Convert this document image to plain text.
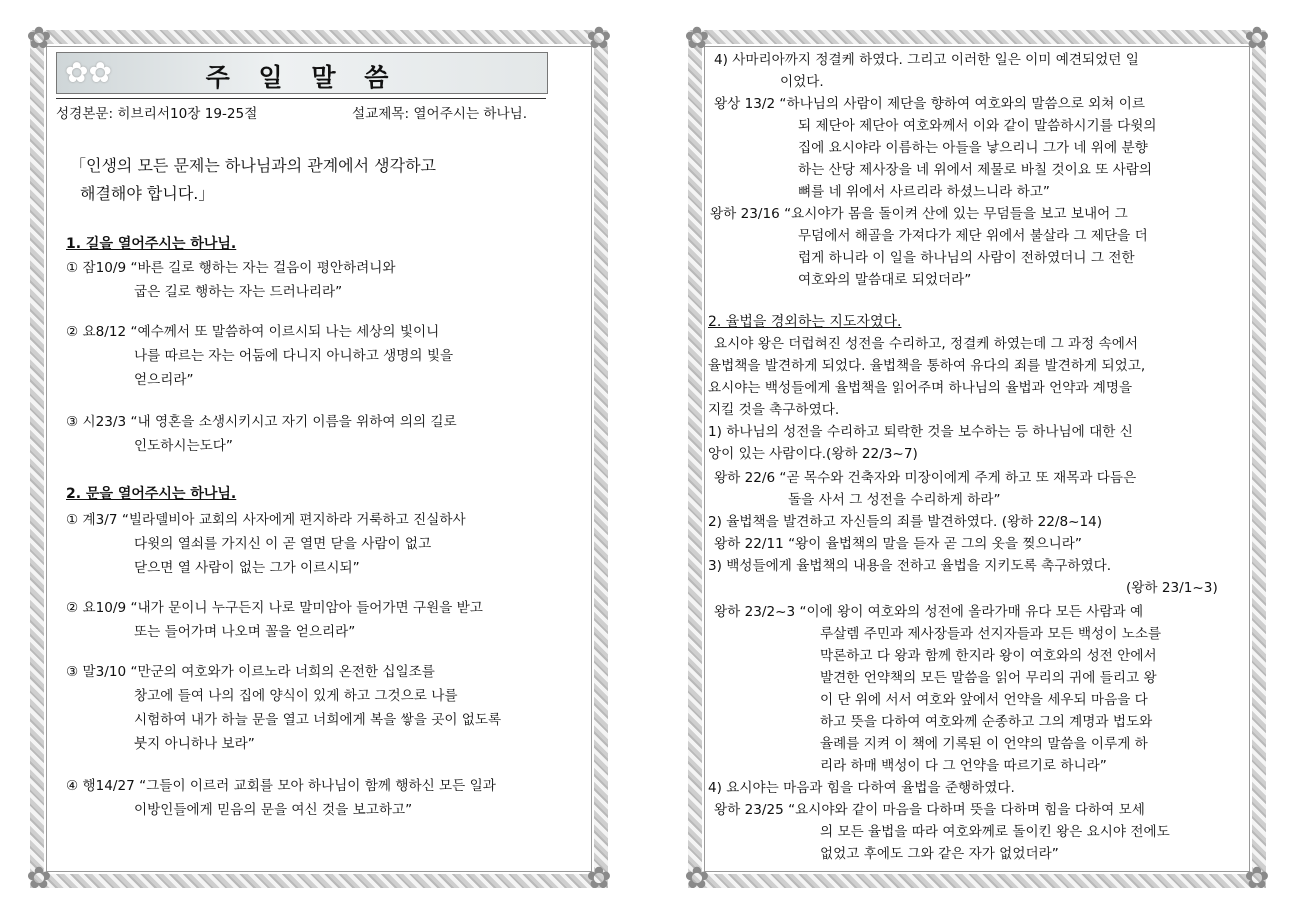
✿	✿
✿	✿
✿✿	주 일 말 씀
성경본문: 히브리서10장 19-25절	설교제목: 열어주시는 하나님.
「인생의 모든 문제는 하나님과의 관계에서 생각하고
해결해야 합니다.」
1. 길을 열어주시는 하나님.
① 잠10/9 “바른 길로 행하는 자는 걸음이 평안하려니와
굽은 길로 행하는 자는 드러나리라”
② 요8/12 “예수께서 또 말씀하여 이르시되 나는 세상의 빛이니
나를 따르는 자는 어둠에 다니지 아니하고 생명의 빛을
얻으리라”
③ 시23/3 “내 영혼을 소생시키시고 자기 이름을 위하여 의의 길로
인도하시는도다”
2. 문을 열어주시는 하나님.
① 계3/7 “빌라델비아 교회의 사자에게 편지하라 거룩하고 진실하사
다윗의 열쇠를 가지신 이 곧 열면 닫을 사람이 없고
닫으면 열 사람이 없는 그가 이르시되”
② 요10/9 “내가 문이니 누구든지 나로 말미암아 들어가면 구원을 받고
또는 들어가며 나오며 꼴을 얻으리라”
③ 말3/10 “만군의 여호와가 이르노라 너희의 온전한 십일조를
창고에 들여 나의 집에 양식이 있게 하고 그것으로 나를
시험하여 내가 하늘 문을 열고 너희에게 복을 쌓을 곳이 없도록
붓지 아니하나 보라”
④ 행14/27 “그들이 이르러 교회를 모아 하나님이 함께 행하신 모든 일과
이방인들에게 믿음의 문을 여신 것을 보고하고”
✿	✿
✿	✿
4) 사마리아까지 정결케 하였다. 그리고 이러한 일은 이미 예견되었던 일
이었다.
왕상 13/2 “하나님의 사람이 제단을 향하여 여호와의 말씀으로 외쳐 이르
되 제단아 제단아 여호와께서 이와 같이 말씀하시기를 다윗의
집에 요시야라 이름하는 아들을 낳으리니 그가 네 위에 분향
하는 산당 제사장을 네 위에서 제물로 바칠 것이요 또 사람의
뼈를 네 위에서 사르리라 하셨느니라 하고”
왕하 23/16 “요시야가 몸을 돌이켜 산에 있는 무덤들을 보고 보내어 그
무덤에서 해골을 가져다가 제단 위에서 불살라 그 제단을 더
럽게 하니라 이 일을 하나님의 사람이 전하였더니 그 전한
여호와의 말씀대로 되었더라”
2. 율법을 경외하는 지도자였다.
요시야 왕은 더럽혀진 성전을 수리하고, 정결케 하였는데 그 과정 속에서
율법책을 발견하게 되었다. 율법책을 통하여 유다의 죄를 발견하게 되었고,
요시야는 백성들에게 율법책을 읽어주며 하나님의 율법과 언약과 계명을
지킬 것을 촉구하였다.
1) 하나님의 성전을 수리하고 퇴락한 것을 보수하는 등 하나님에 대한 신
앙이 있는 사람이다.(왕하 22/3~7)
왕하 22/6 “곧 목수와 건축자와 미장이에게 주게 하고 또 재목과 다듬은
돌을 사서 그 성전을 수리하게 하라”
2) 율법책을 발견하고 자신들의 죄를 발견하였다. (왕하 22/8~14)
왕하 22/11 “왕이 율법책의 말을 듣자 곧 그의 옷을 찢으니라”
3) 백성들에게 율법책의 내용을 전하고 율법을 지키도록 촉구하였다.
(왕하 23/1~3)
왕하 23/2~3 “이에 왕이 여호와의 성전에 올라가매 유다 모든 사람과 예
루살렘 주민과 제사장들과 선지자들과 모든 백성이 노소를
막론하고 다 왕과 함께 한지라 왕이 여호와의 성전 안에서
발견한 언약책의 모든 말씀을 읽어 무리의 귀에 들리고 왕
이 단 위에 서서 여호와 앞에서 언약을 세우되 마음을 다
하고 뜻을 다하여 여호와께 순종하고 그의 계명과 법도와
율례를 지켜 이 책에 기록된 이 언약의 말씀을 이루게 하
리라 하매 백성이 다 그 언약을 따르기로 하니라”
4) 요시야는 마음과 힘을 다하여 율법을 준행하였다.
왕하 23/25 “요시야와 같이 마음을 다하며 뜻을 다하며 힘을 다하여 모세
의 모든 율법을 따라 여호와께로 돌이킨 왕은 요시야 전에도
없었고 후에도 그와 같은 자가 없었더라”
